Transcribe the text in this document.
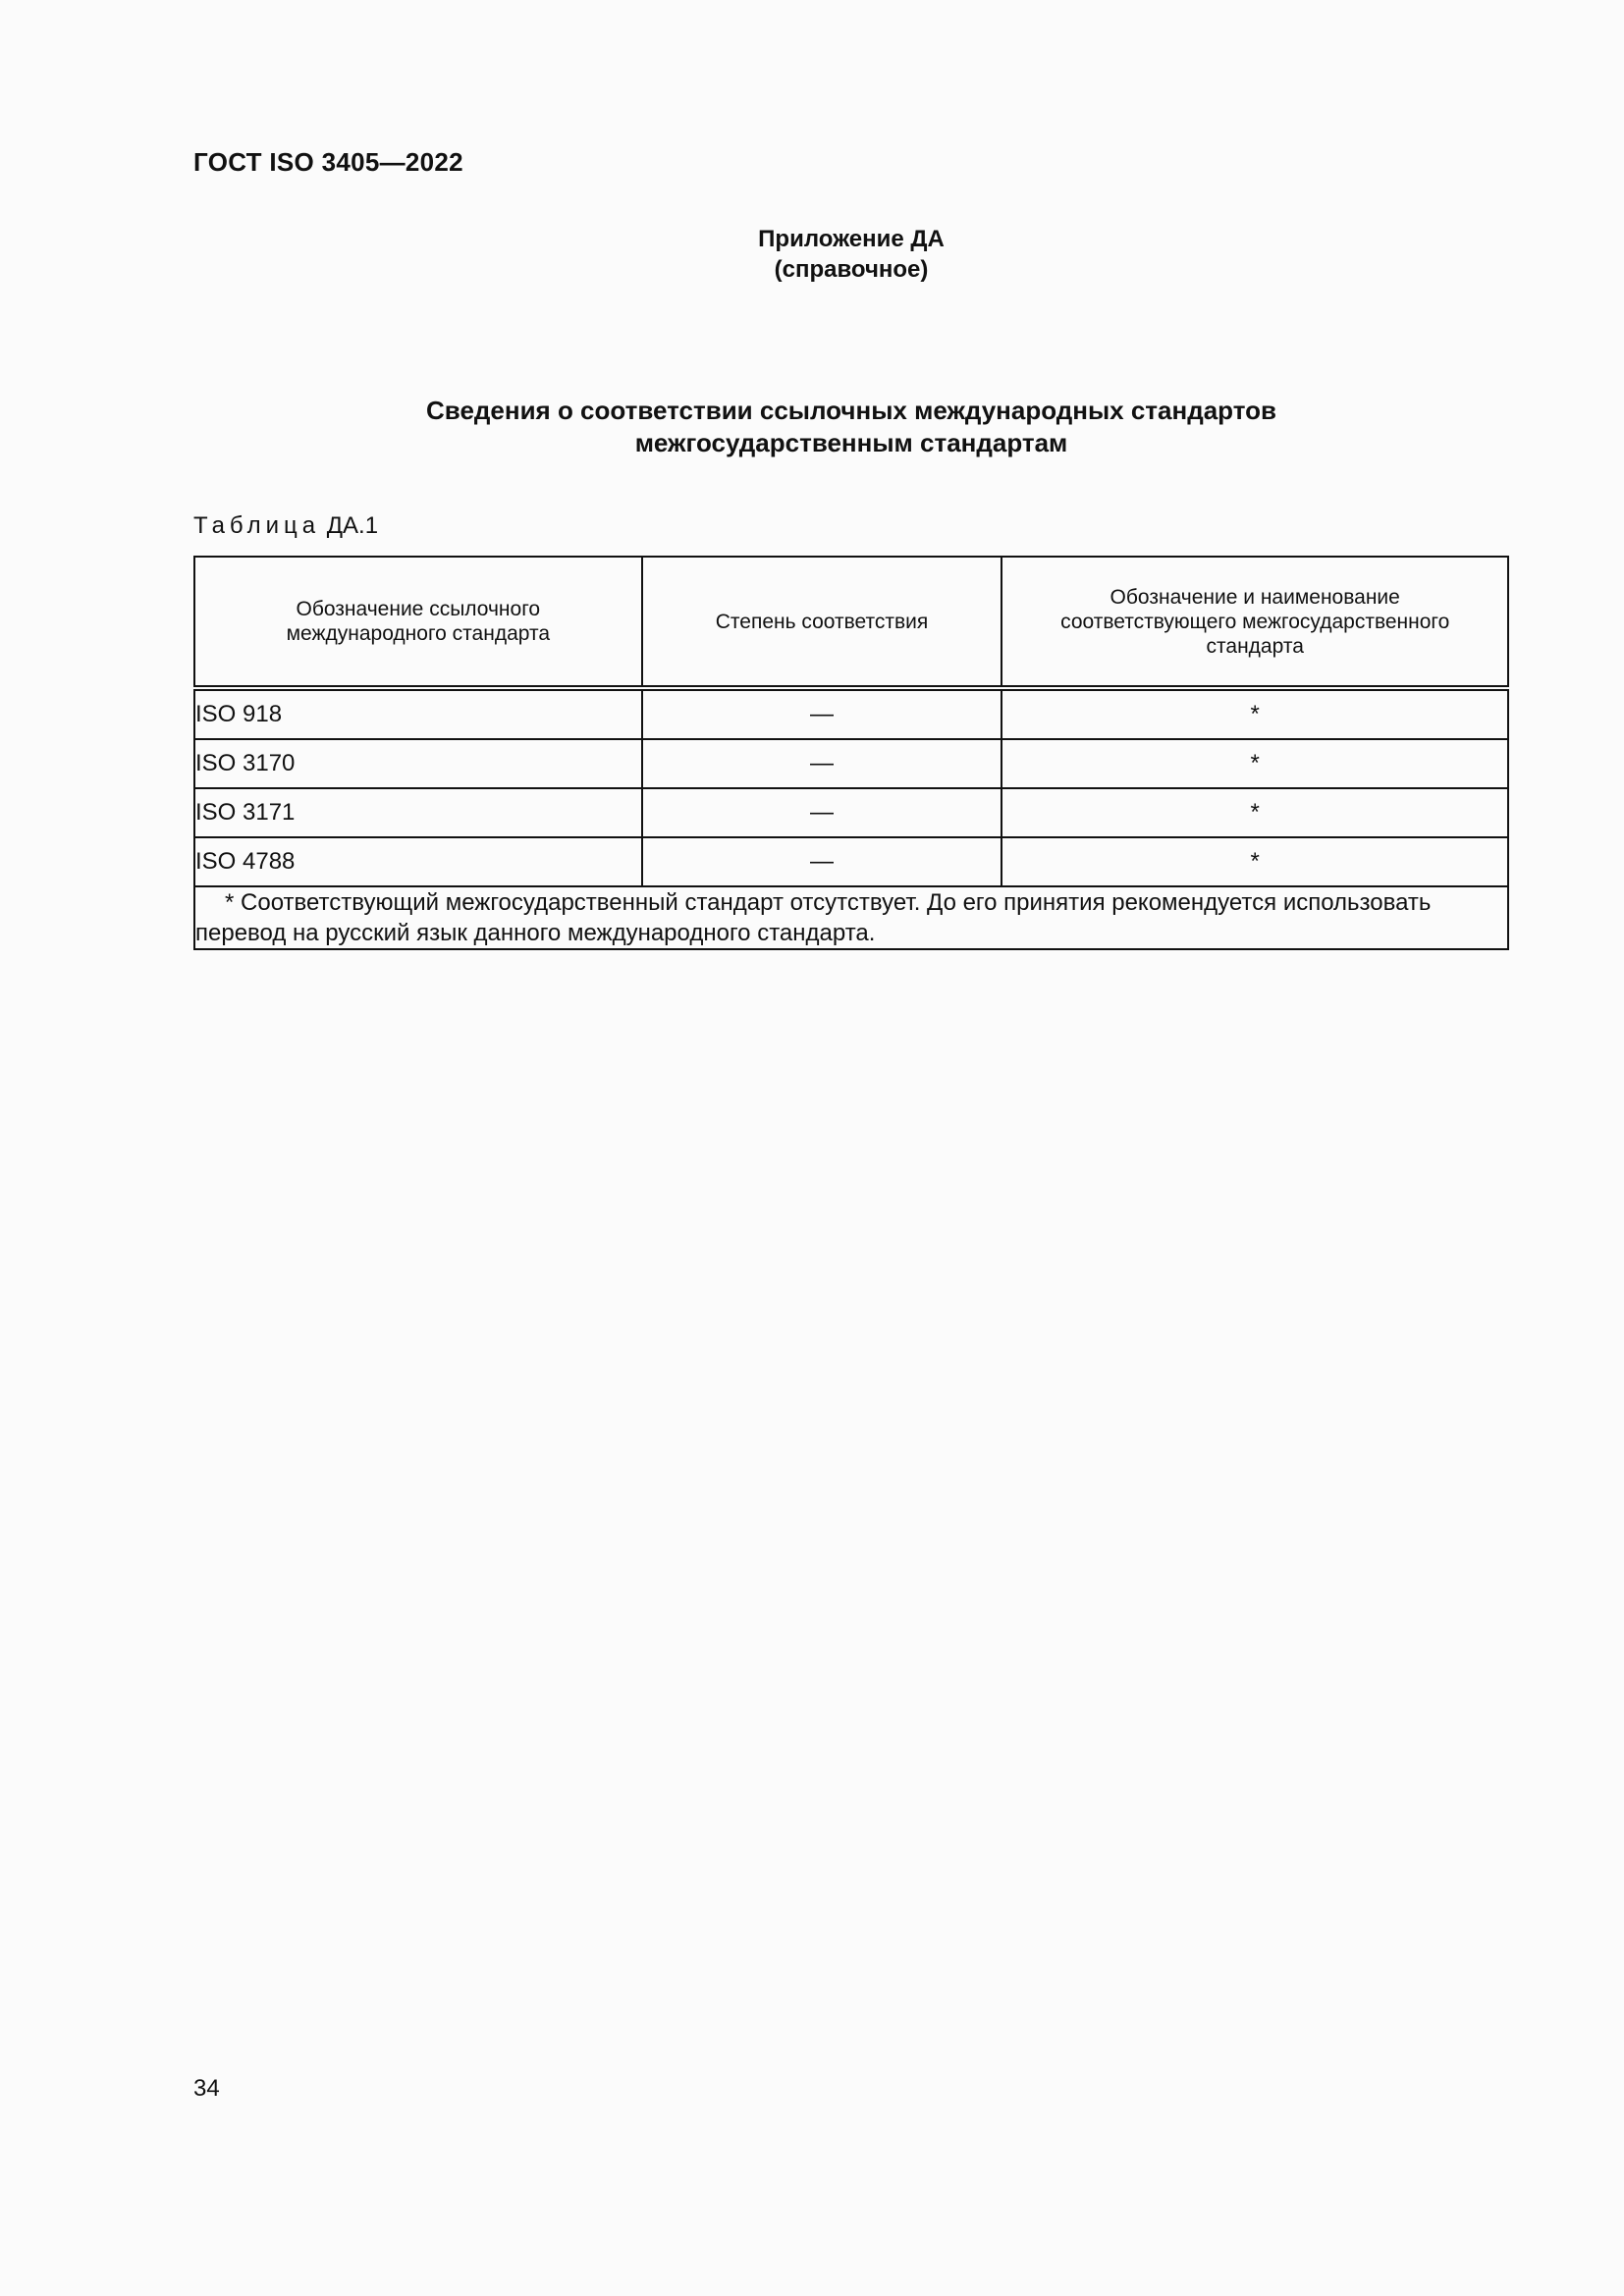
ГОСТ ISO 3405—2022
Приложение ДА
(справочное)
Сведения о соответствии ссылочных международных стандартов
межгосударственным стандартам
Таблица ДА.1
Обозначение ссылочного международного стандарта	Степень соответствия	Обозначение и наименование соответствующего межгосударственного стандарта
ISO 918	—	*
ISO 3170	—	*
ISO 3171	—	*
ISO 4788	—	*
* Соответствующий межгосударственный стандарт отсутствует. До его принятия рекомендуется использовать перевод на русский язык данного международного стандарта.		
34
